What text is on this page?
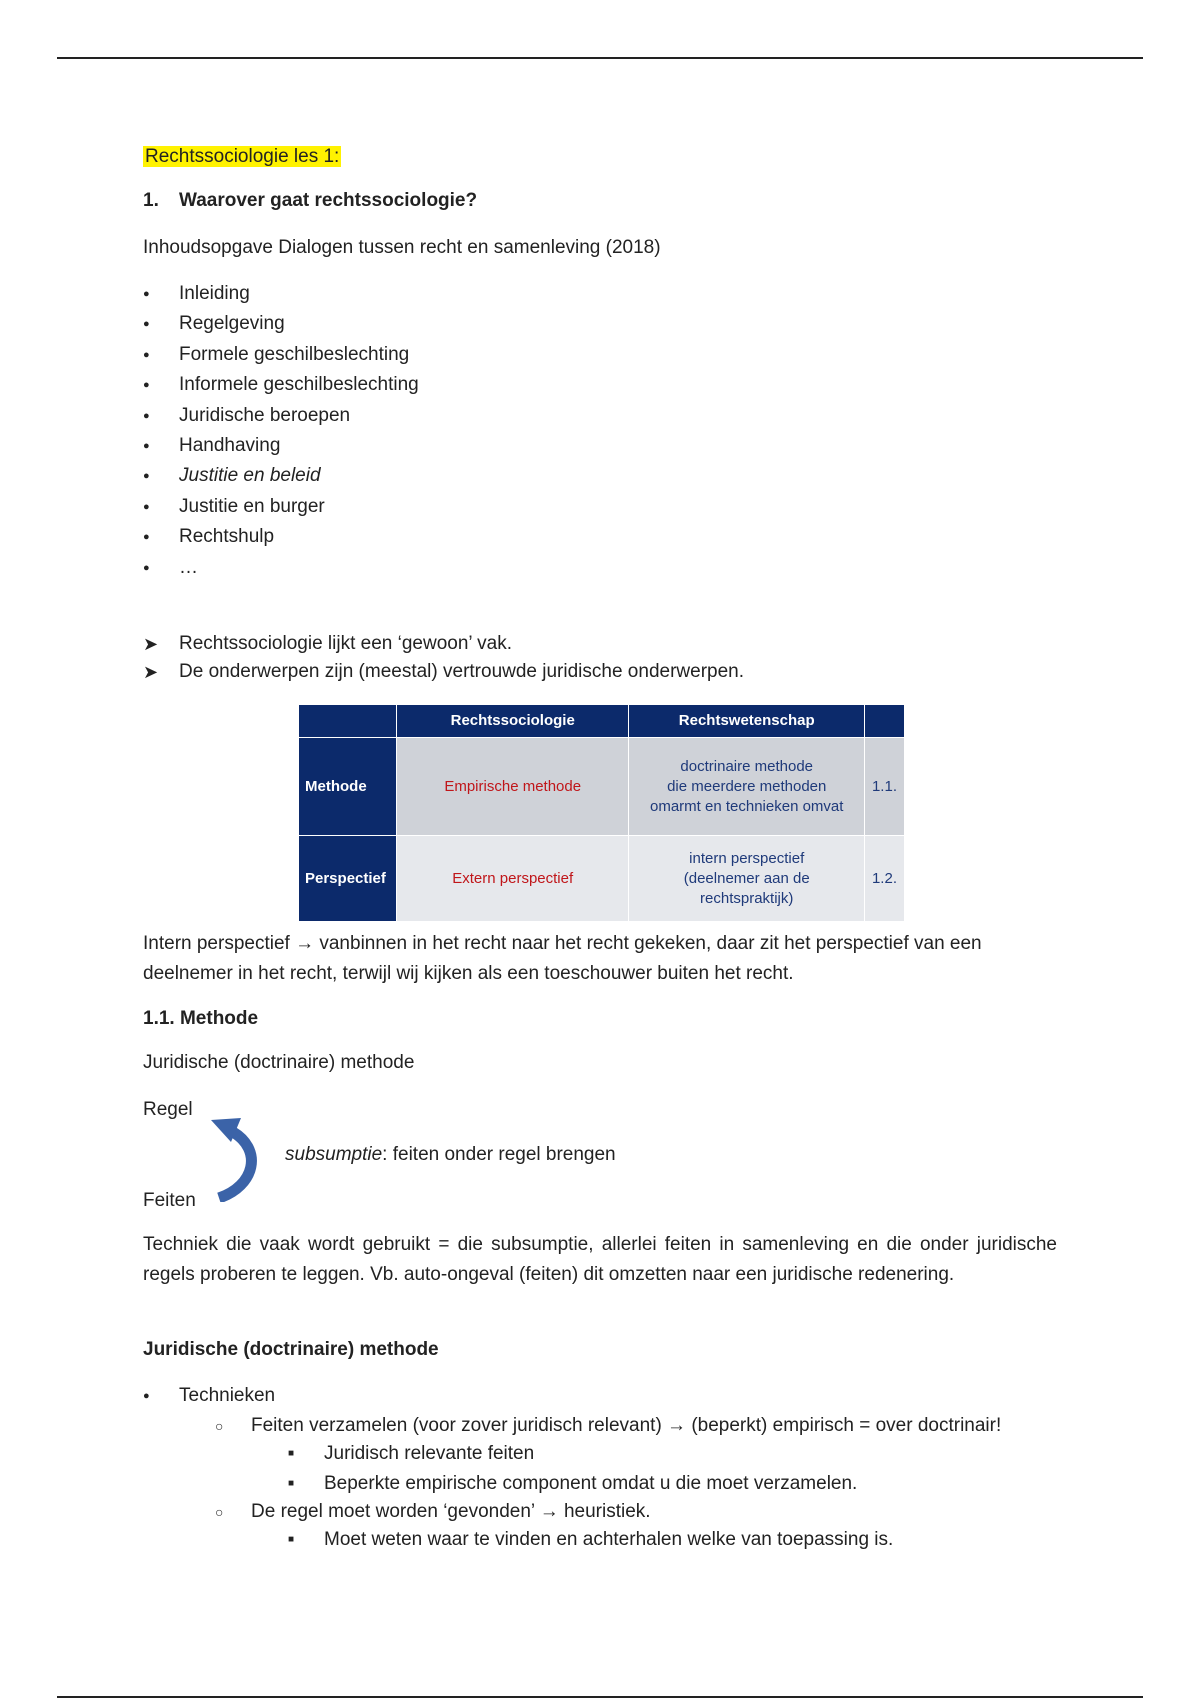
Rechtssociologie les 1:
1. Waarover gaat rechtssociologie?
Inhoudsopgave Dialogen tussen recht en samenleving (2018)
● Inleiding
● Regelgeving
● Formele geschilbeslechting
● Informele geschilbeslechting
● Juridische beroepen
● Handhaving
● Justitie en beleid
● Justitie en burger
● Rechtshulp
● …
➤ Rechtssociologie lijkt een ‘gewoon’ vak.
➤ De onderwerpen zijn (meestal) vertrouwde juridische onderwerpen.
	Rechtssociologie	Rechtswetenschap	
Methode	Empirische methode	doctrinaire methode
die meerdere methoden
omarmt en technieken omvat	1.1.
Perspectief	Extern perspectief	intern perspectief
(deelnemer aan de
rechtspraktijk)	1.2.
Intern perspectief → vanbinnen in het recht naar het recht gekeken, daar zit het perspectief van een
deelnemer in het recht, terwijl wij kijken als een toeschouwer buiten het recht.
1.1. Methode
Juridische (doctrinaire) methode
Regel
Feiten
subsumptie: feiten onder regel brengen
Techniek die vaak wordt gebruikt = die subsumptie, allerlei feiten in samenleving en die onder juridische regels proberen te leggen. Vb. auto-ongeval (feiten) dit omzetten naar een juridische redenering.
Juridische (doctrinaire) methode
● Technieken
○ Feiten verzamelen (voor zover juridisch relevant) → (beperkt) empirisch = over doctrinair!
■ Juridisch relevante feiten
■ Beperkte empirische component omdat u die moet verzamelen.
○ De regel moet worden ‘gevonden’ → heuristiek.
■ Moet weten waar te vinden en achterhalen welke van toepassing is.
